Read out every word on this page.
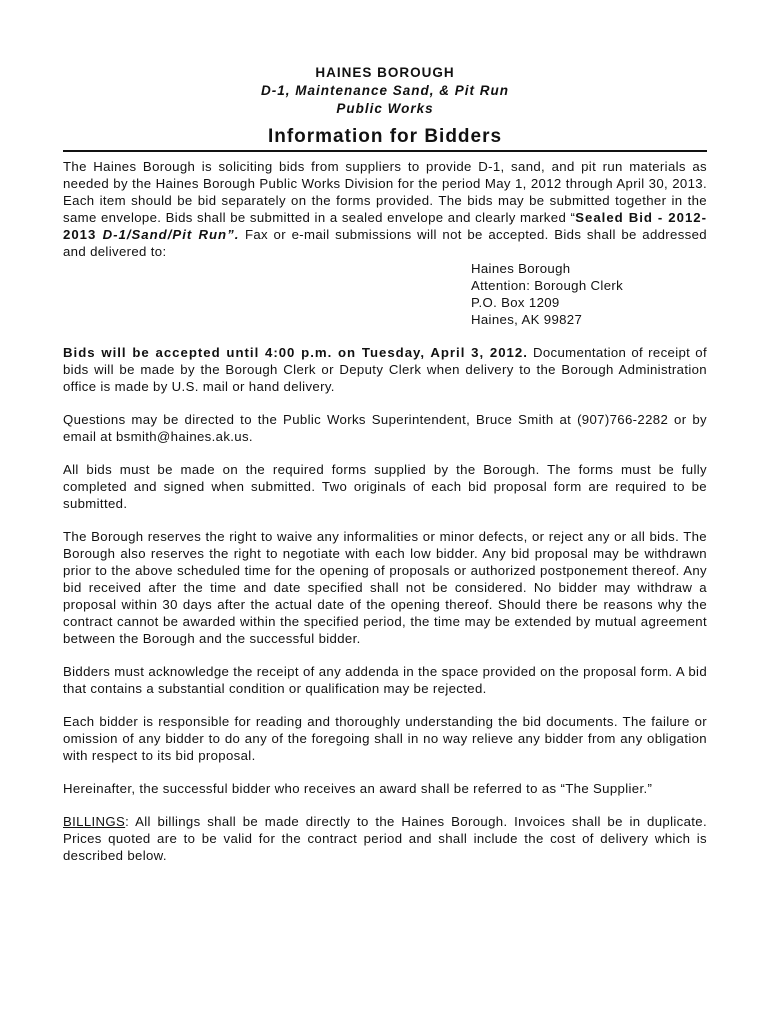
HAINES BOROUGH
D-1, Maintenance Sand, & Pit Run
Public Works
Information for Bidders

The Haines Borough is soliciting bids from suppliers to provide D-1, sand, and pit run materials as needed by the Haines Borough Public Works Division for the period May 1, 2012 through April 30, 2013. Each item should be bid separately on the forms provided. The bids may be submitted together in the same envelope. Bids shall be submitted in a sealed envelope and clearly marked “Sealed Bid - 2012-2013 D-1/Sand/Pit Run”. Fax or e-mail submissions will not be accepted. Bids shall be addressed and delivered to:

Haines Borough
Attention: Borough Clerk
P.O. Box 1209
Haines, AK 99827

Bids will be accepted until 4:00 p.m. on Tuesday, April 3, 2012. Documentation of receipt of bids will be made by the Borough Clerk or Deputy Clerk when delivery to the Borough Administration office is made by U.S. mail or hand delivery.

Questions may be directed to the Public Works Superintendent, Bruce Smith at (907)766-2282 or by email at bsmith@haines.ak.us.

All bids must be made on the required forms supplied by the Borough. The forms must be fully completed and signed when submitted. Two originals of each bid proposal form are required to be submitted.

The Borough reserves the right to waive any informalities or minor defects, or reject any or all bids. The Borough also reserves the right to negotiate with each low bidder. Any bid proposal may be withdrawn prior to the above scheduled time for the opening of proposals or authorized postponement thereof. Any bid received after the time and date specified shall not be considered. No bidder may withdraw a proposal within 30 days after the actual date of the opening thereof. Should there be reasons why the contract cannot be awarded within the specified period, the time may be extended by mutual agreement between the Borough and the successful bidder.

Bidders must acknowledge the receipt of any addenda in the space provided on the proposal form. A bid that contains a substantial condition or qualification may be rejected.

Each bidder is responsible for reading and thoroughly understanding the bid documents. The failure or omission of any bidder to do any of the foregoing shall in no way relieve any bidder from any obligation with respect to its bid proposal.

Hereinafter, the successful bidder who receives an award shall be referred to as “The Supplier.”

BILLINGS: All billings shall be made directly to the Haines Borough. Invoices shall be in duplicate. Prices quoted are to be valid for the contract period and shall include the cost of delivery which is described below.
